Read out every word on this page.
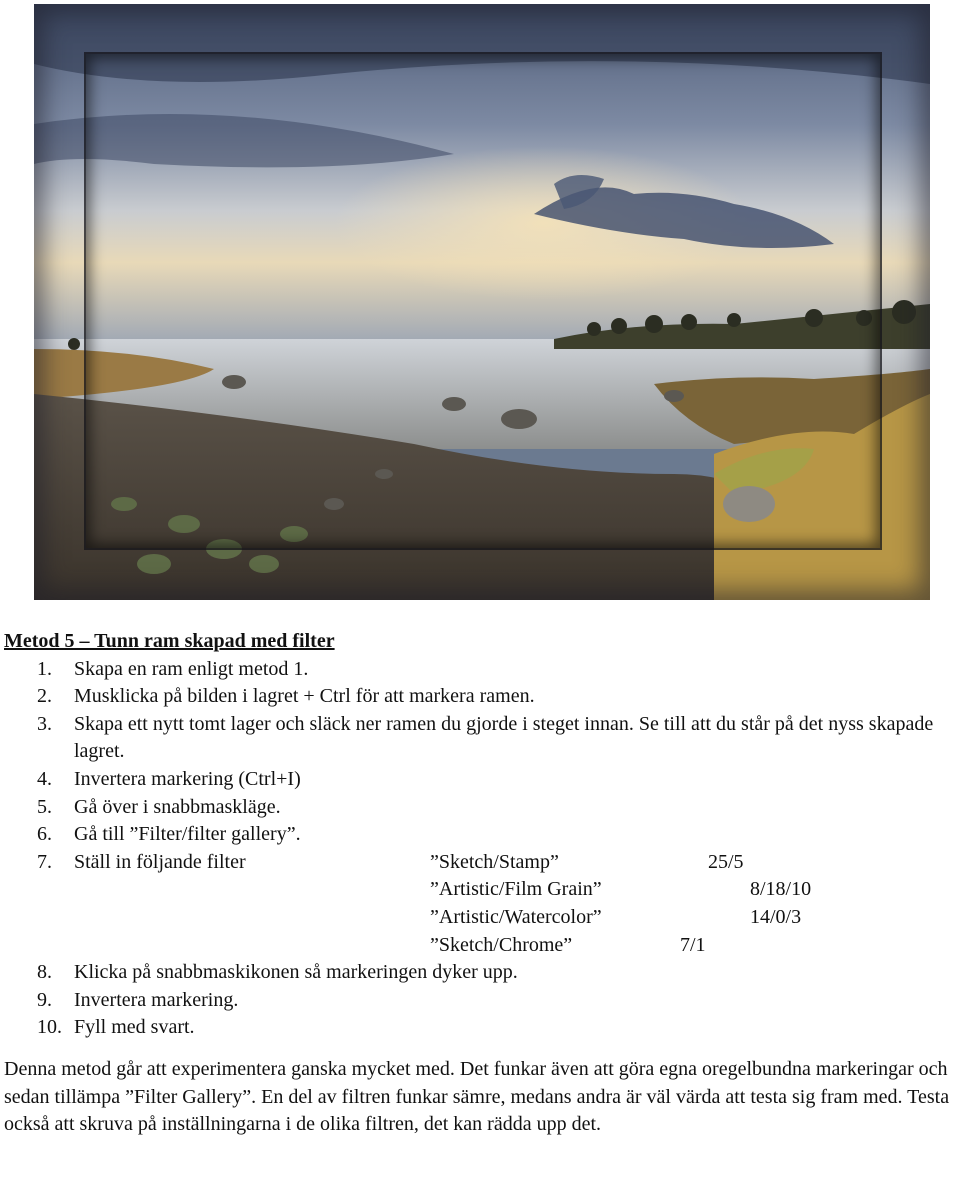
Metod 5 – Tunn ram skapad med filter

1. Skapa en ram enligt metod 1.
2. Musklicka på bilden i lagret + Ctrl för att markera ramen.
3. Skapa ett nytt tomt lager och släck ner ramen du gjorde i steget innan. Se till att du står på det nyss skapade lagret.
4. Invertera markering (Ctrl+I)
5. Gå över i snabbmaskläge.
6. Gå till ”Filter/filter gallery”.
7. Ställ in följande filter	”Sketch/Stamp”	25/5
”Artistic/Film Grain”	8/18/10
”Artistic/Watercolor”	14/0/3
”Sketch/Chrome”	7/1
8. Klicka på snabbmaskikonen så markeringen dyker upp.
9. Invertera markering.
10. Fyll med svart.

Denna metod går att experimentera ganska mycket med. Det funkar även att göra egna oregelbundna markeringar och sedan tillämpa ”Filter Gallery”. En del av filtren funkar sämre, medans andra är väl värda att testa sig fram med. Testa också att skruva på inställningarna i de olika filtren, det kan rädda upp det.
